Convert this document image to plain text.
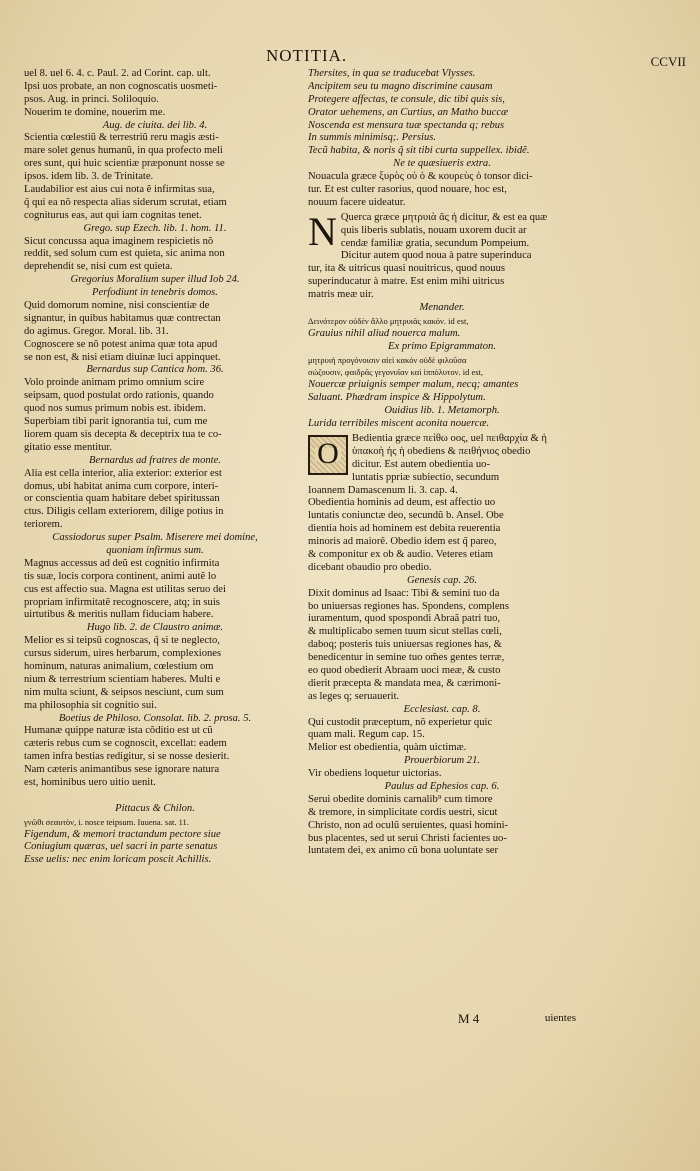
NOTITIA.	CCVII
uel 8. uel 6. 4. c. Paul. 2. ad Corint. cap. ult.
Ipsi uos probate, an non cognoscatis uosmeti-
psos. Aug. in princi. Soliloquio.
Nouerim te domine, nouerim me.
Aug. de ciuita. dei lib. 4.
Scientia cœlestiũ & terrestriũ reru magis æsti-
mare solet genus humanũ, in qua profecto meli
ores sunt, qui huic scientiæ præponunt nosse se
ipsos. idem lib. 3. de Trinitate.
Laudabilior est aius cui nota ẽ infirmitas sua,
q̃ qui ea nõ respecta alias siderum scrutat, etiam
cogniturus eas, aut qui iam cognitas tenet.
Grego. sup Ezech. lib. 1. hom. 11.
Sicut concussa aqua imaginem respicietis nõ
reddit, sed solum cum est quieta, sic anima non
deprehendit se, nisi cum est quieta.
Gregorius Moralium super illud Iob 24.
Perfodiunt in tenebris domos.
Quid domorum nomine, nisi conscientiæ de
signantur, in quibus habitamus quæ contrectan
do agimus. Gregor. Moral. lib. 31.
Cognoscere se nõ potest anima quæ tota apud
se non est, & nisi etiam diuinæ luci appinquet.
Bernardus sup Cantica hom. 36.
Volo proinde animam primo omnium scire
seipsam, quod postulat ordo rationis, quando
quod nos sumus primum nobis est. ibidem.
Superbiam tibi parit ignorantia tui, cum me
liorem quam sis decepta & deceptrix tua te co-
gitatio esse mentitur.
Bernardus ad fratres de monte.
Alia est cella interior, alia exterior: exterior est
domus, ubi habitat anima cum corpore, interi-
or conscientia quam habitare debet spiritussan
ctus. Diligis cellam exteriorem, dilige potius in
teriorem.
Cassiodorus super Psalm. Miserere mei domine,
quoniam infirmus sum.
Magnus accessus ad deũ est cognitio infirmita
tis suæ, locis corpora continent, animi autẽ lo
cus est affectio sua. Magna est utilitas seruo dei
propriam infirmitatẽ recognoscere, atq; in suis
uirtutibus & meritis nullam fiduciam habere.
Hugo lib. 2. de Claustro animæ.
Melior es si teipsũ cognoscas, q̃ si te neglecto,
cursus siderum, uires herbarum, complexiones
hominum, naturas animalium, cœlestium om
nium & terrestrium scientiam haberes. Multi e
nim multa sciunt, & seipsos nesciunt, cum sum
ma philosophia sit cognitio sui.
Boetius de Philoso. Consolat. lib. 2. prosa. 5.
Humanæ quippe naturæ ista cõditio est ut cũ
cæteris rebus cum se cognoscit, excellat: eadem
tamen infra bestias redigitur, si se nosse desierit.
Nam cæteris animantibus sese ignorare natura
est, hominibus uero uitio uenit.
Pittacus & Chilon.
γνῶθι σεαυτὸν, i. nosce teipsum. Iuuena. sat. 11.
Figendum, & memori tractandum pectore siue
Coniugium quæras, uel sacri in parte senatus
Esse uelis: nec enim loricam poscit Achillis.
Thersites, in qua se traducebat Vlysses.
Ancipitem seu tu magno discrimine causam
Protegere affectas, te consule, dic tibi quis sis,
Orator uehemens, an Curtius, an Matho buccæ
Noscenda est mensura tuæ spectanda q; rebus
In summis minimisq;. Persius.
Tecũ habita, & noris q̃ sit tibi curta suppellex. ibidẽ.
Ne te quæsiueris extra.
Nouacula græce ξυρὸς οὐ ὁ & κουρεὺς ὁ tonsor dici-
tur. Et est culter rasorius, quod nouare, hoc est,
nouum facere uideatur.
N Querca græce μητρυιὰ ᾶς ἡ dicitur, & est ea quæ
quis liberis sublatis, nouam uxorem ducit ar
cendæ familiæ gratia, secundum Pompeium.
Dicitur autem quod noua à patre superinduca
tur, ita & uitricus quasi nouitricus, quod nouus
superinducatur à matre. Est enim mihi uitricus
matris meæ uir.
Menander.
Δεινότερον οὐδὲν ἄλλο μητρυιᾶς κακόν. id est,
Grauius nihil aliud nouerca malum.
Ex primo Epigrammaton.
μητρυιὴ προγόνοισιν αἰεὶ κακόν οὐδὲ φιλοῦσα
σώζουσιν, φαιδρᾶς γεγονυῖαν καὶ ἱππόλυτον. id est,
Nouercæ priuignis semper malum, necq; amantes
Saluant. Phædram inspice & Hippolytum.
Ouidius lib. 1. Metamorph.
Lurida terribiles miscent aconita nouercæ.
O Bedientia græce πείθω οος, uel πειθαρχία & ἡ
ὑπακοὴ ἡς ἡ obediens & πειθήνιος obedio
dicitur. Est autem obedientia uo-
luntatis ppriæ subiectio, secundum
Ioannem Damascenum li. 3. cap. 4.
Obedientia hominis ad deum, est affectio uo
luntatis coniunctæ deo, secundũ b. Ansel. Obe
dientia hois ad hominem est debita reuerentia
minoris ad maiorẽ. Obedio idem est q̃ pareo,
& componitur ex ob & audio. Veteres etiam
dicebant obaudio pro obedio.
Genesis cap. 26.
Dixit dominus ad Isaac: Tibi & semini tuo da
bo uniuersas regiones has. Spondens, complens
iuramentum, quod spospondi Abraã patri tuo,
& multiplicabo semen tuum sicut stellas cœli,
daboq; posteris tuis uniuersas regiones has, &
benedicentur in semine tuo om̃es gentes terræ,
eo quod obedierit Abraam uoci meæ, & custo
dierit præcepta & mandata mea, & cærimoni-
as leges q; seruauerit.
Ecclesiast. cap. 8.
Qui custodit præceptum, nõ experietur quic
quam mali. Regum cap. 15.
Melior est obedientia, quàm uictimæ.
Prouerbiorum 21.
Vir obediens loquetur uictorias.
Paulus ad Ephesios cap. 6.
Serui obedite dominis carnalib⁹ cum timore
& tremore, in simplicitate cordis uestri, sicut
Christo, non ad oculũ seruientes, quasi homini-
bus placentes, sed ut serui Christi facientes uo-
luntatem dei, ex animo cũ bona uoluntate ser
M 4	uientes
